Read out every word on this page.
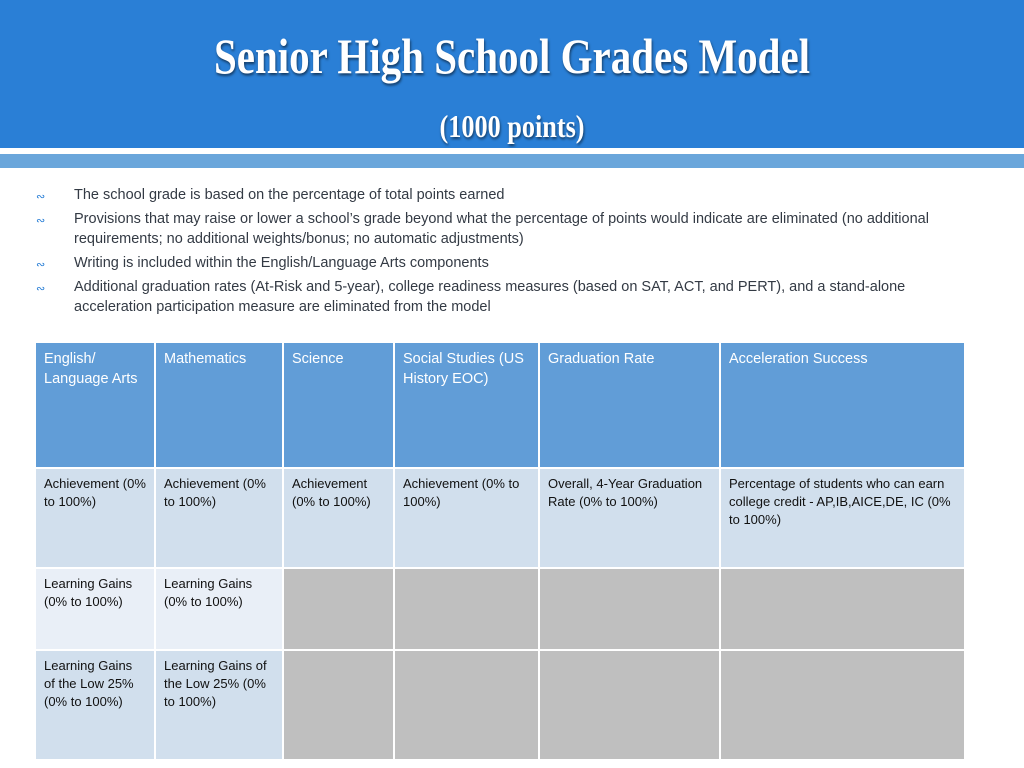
Senior High School Grades Model
(1000 points)
∾ The school grade is based on the percentage of total points earned
∾ Provisions that may raise or lower a school’s grade beyond what the percentage of points would indicate are eliminated (no additional requirements; no additional weights/bonus; no automatic adjustments)
∾ Writing is included within the English/Language Arts components
∾ Additional graduation rates (At-Risk and 5-year), college readiness measures (based on SAT, ACT, and PERT), and a stand-alone acceleration participation measure are eliminated from the model
English/ Language Arts	Mathematics	Science	Social Studies (US History EOC)	Graduation Rate	Acceleration Success
Achievement (0% to 100%)	Achievement (0% to 100%)	Achievement (0% to 100%)	Achievement (0% to 100%)	Overall, 4-Year Graduation Rate (0% to 100%)	Percentage of students who can earn college credit - AP,IB,AICE,DE, IC (0% to 100%)
Learning Gains (0% to 100%)	Learning Gains (0% to 100%)				
Learning Gains of the Low 25% (0% to 100%)	Learning Gains of the Low 25% (0% to 100%)				
